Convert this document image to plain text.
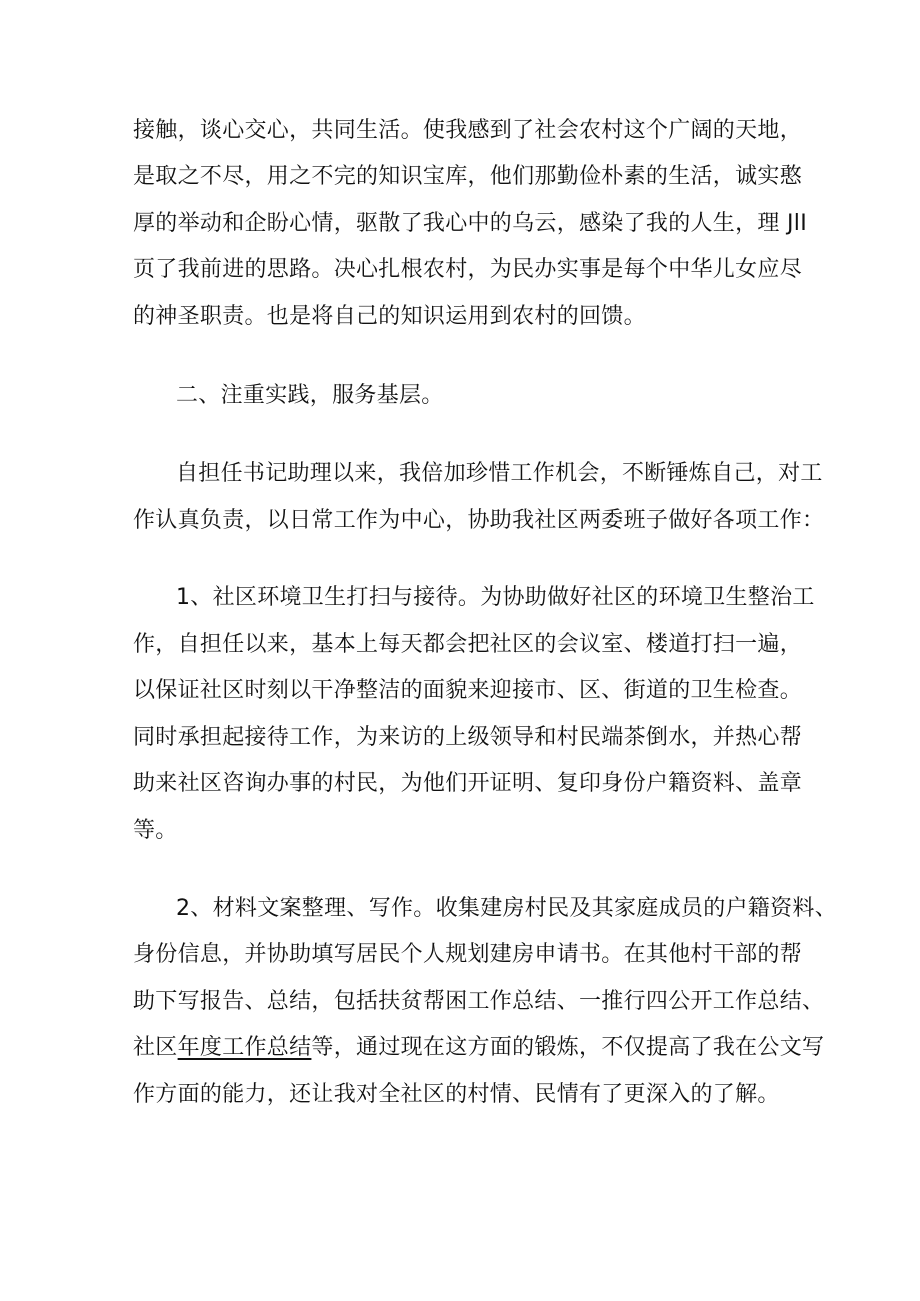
接触，谈心交心，共同生活。使我感到了社会农村这个广阔的天地，
是取之不尽，用之不完的知识宝库，他们那勤俭朴素的生活，诚实憨
厚的举动和企盼心情，驱散了我心中的乌云，感染了我的人生，理 JlI
页了我前进的思路。决心扎根农村，为民办实事是每个中华儿女应尽
的神圣职责。也是将自己的知识运用到农村的回馈。
二、注重实践，服务基层。
自担任书记助理以来，我倍加珍惜工作机会，不断锤炼自己，对工
作认真负责，以日常工作为中心，协助我社区两委班子做好各项工作：
1、社区环境卫生打扫与接待。为协助做好社区的环境卫生整治工
作，自担任以来，基本上每天都会把社区的会议室、楼道打扫一遍，
以保证社区时刻以干净整洁的面貌来迎接市、区、街道的卫生检查。
同时承担起接待工作，为来访的上级领导和村民端茶倒水，并热心帮
助来社区咨询办事的村民，为他们开证明、复印身份户籍资料、盖章
等。
2、材料文案整理、写作。收集建房村民及其家庭成员的户籍资料、
身份信息，并协助填写居民个人规划建房申请书。在其他村干部的帮
助下写报告、总结，包括扶贫帮困工作总结、一推行四公开工作总结、
社区年度工作总结等，通过现在这方面的锻炼，不仅提高了我在公文写
作方面的能力，还让我对全社区的村情、民情有了更深入的了解。
